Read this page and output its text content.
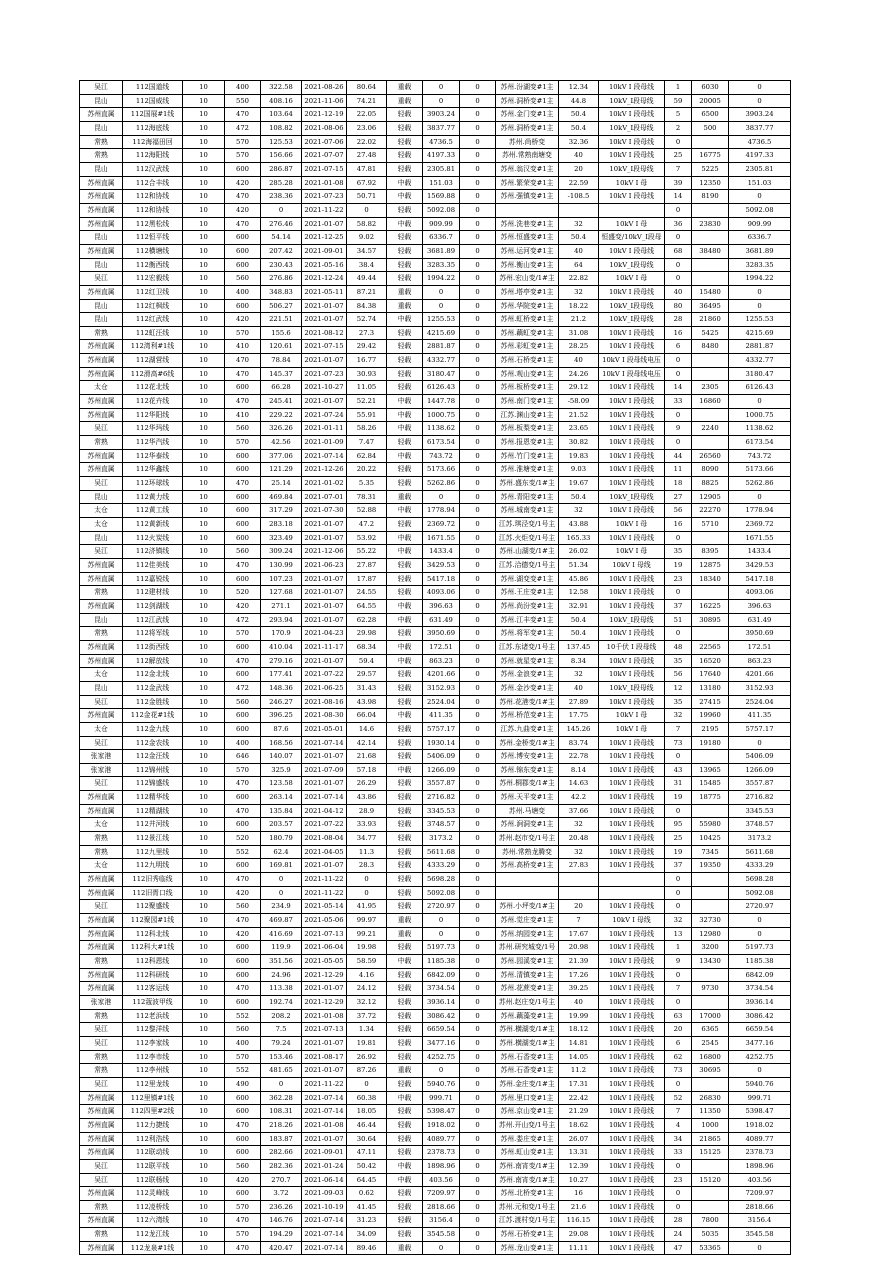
吴江	112国道线	10	400	322.58	2021-08-26	80.64	重载	0	0	苏州.汾湖变#1主	12.34	10kV I 段母线	1	6030	0
昆山	112国威线	10	550	408.16	2021-11-06	74.21	重载	0	0	苏州.洞桥变#1主	44.8	10kV_I段母线	59	20005	0
苏州直属	112国展#1线	10	470	103.64	2021-12-19	22.05	轻载	3903.24	0	苏州.金门变#1主	50.4	10kV I 段母线	5	6500	3903.24
昆山	112海底线	10	472	108.82	2021-08-06	23.06	轻载	3837.77	0	苏州.洞桥变#1主	50.4	10kV_I段母线	2	500	3837.77
常熟	112海福田回	10	570	125.53	2021-07-06	22.02	轻载	4736.5	0	苏州.尚桥变	32.36	10kV I 段母线	0		4736.5
常熟	112海阳线	10	570	156.66	2021-07-07	27.48	轻载	4197.33	0	苏州.常熟南塘变	40	10kV I 段母线	25	16775	4197.33
昆山	112汉武线	10	600	286.87	2021-07-15	47.81	轻载	2305.81	0	苏州.翁汉变#1主	20	10kV_I段母线	7	5225	2305.81
苏州直属	112合丰线	10	420	285.28	2021-01-08	67.92	中载	151.03	0	苏州.繁荣变#1主	22.59	10kV I 母	39	12350	151.03
苏州直属	112和协线	10	470	238.36	2021-07-23	50.71	中载	1569.88	0	苏州.强镇变#1主	-108.5	10kV I 段母线	14	8190	0
苏州直属	112和协线	10	420	0	2021-11-22	0	轻载	5092.08	0				0		5092.08
苏州直属	112黑松线	10	470	276.46	2021-01-07	58.82	中载	909.99	0	苏州.洗巷变#1主	32	10kV I 母	36	23830	909.99
昆山	112恒平线	10	600	54.14	2021-12-25	9.02	轻载	6336.7	0	苏州.恒盛变#1主	50.4	恒盛变/10kV_I段母	0		6336.7
苏州直属	112横塘线	10	600	207.42	2021-09-01	34.57	轻载	3681.89	0	苏州.运河变#1主	40	10kV I 段母线	68	38480	3681.89
昆山	112衡西线	10	600	230.43	2021-05-16	38.4	轻载	3283.35	0	苏州.衡山变#1主	64	10kV_I段母线	0		3283.35
吴江	112宏毅线	10	560	276.86	2021-12-24	49.44	轻载	1994.22	0	苏州.宏山变/1#主	22.82	10kV I 母	0		1994.22
苏州直属	112红卫线	10	400	348.83	2021-05-11	87.21	重载	0	0	苏州.塔亭变#1主	32	10kV I 段母线	40	15480	0
昆山	112红枫线	10	600	506.27	2021-01-07	84.38	重载	0	0	苏州.华院变#1主	18.22	10kV_I段母线	80	36495	0
昆山	112红武线	10	420	221.51	2021-01-07	52.74	中载	1255.53	0	苏州.虹桥变#1主	21.2	10kV_I段母线	28	21860	1255.53
常熟	112虹汪线	10	570	155.6	2021-08-12	27.3	轻载	4215.69	0	苏州.藕虹变#1主	31.08	10kV I 段母线	16	5425	4215.69
苏州直属	112湾利#1线	10	410	120.61	2021-07-15	29.42	轻载	2881.87	0	苏州.彩虹变#1主	28.25	10kV I 段母线	6	8480	2881.87
苏州直属	112湖营线	10	470	78.84	2021-01-07	16.77	轻载	4332.77	0	苏州.石桥变#1主	40	10kV I 段母线电压	0		4332.77
苏州直属	112滑高#6线	10	470	145.37	2021-07-23	30.93	轻载	3180.47	0	苏州.观山变#1主	24.26	10kV I 段母线电压	0		3180.47
太仓	112花北线	10	600	66.28	2021-10-27	11.05	轻载	6126.43	0	苏州.板桥变#1主	29.12	10kV I 段母线	14	2305	6126.43
苏州直属	112花卉线	10	470	245.41	2021-01-07	52.21	中载	1447.78	0	苏州.南门变#1主	-58.09	10kV I 段母线	33	16860	0
苏州直属	112华阳线	10	410	229.22	2021-07-24	55.91	中载	1000.75	0	江苏.渊山变#1主	21.52	10kV I 段母线	0		1000.75
吴江	112华玛线	10	560	326.26	2021-01-11	58.26	中载	1138.62	0	苏州.板梨变#1主	23.65	10kV I 段母线	9	2240	1138.62
常熟	112华汽线	10	570	42.56	2021-01-09	7.47	轻载	6173.54	0	苏州.报恩变#1主	30.82	10kV I 段母线	0		6173.54
苏州直属	112华泰线	10	600	377.06	2021-07-14	62.84	中载	743.72	0	苏州.竹门变#1主	19.83	10kV I 段母线	44	26560	743.72
苏州直属	112华鑫线	10	600	121.29	2021-12-26	20.22	轻载	5173.66	0	苏州.淮塘变#1主	9.03	10kV I 段母线	11	8090	5173.66
吴江	112环球线	10	470	25.14	2021-01-02	5.35	轻载	5262.86	0	苏州.盛东变/1#主	19.67	10kV I 段母线	18	8825	5262.86
昆山	112黄力线	10	600	469.84	2021-07-01	78.31	重载	0	0	苏州.青阳变#1主	50.4	10kV_I段母线	27	12905	0
太仓	112黄工线	10	600	317.29	2021-07-30	52.88	中载	1778.94	0	苏州.城南变#1主	32	10kV I 段母线	56	22270	1778.94
太仓	112黄新线	10	600	283.18	2021-01-07	47.2	轻载	2369.72	0	江苏.琪泾变/1号主	43.88	10kV I 母	16	5710	2369.72
昆山	112火炭线	10	600	323.49	2021-01-07	53.92	中载	1671.55	0	江苏.火炬变/1号主	165.33	10kV I 段母线	0		1671.55
吴江	112济镇线	10	560	309.24	2021-12-06	55.22	中载	1433.4	0	苏州.山湖变/1#主	26.02	10kV I 母	35	8395	1433.4
苏州直属	112佳美线	10	470	130.99	2021-06-23	27.87	轻载	3429.53	0	江苏.洽德变/1号主	51.34	10kV I 母线	19	12875	3429.53
苏州直属	112嘉锐线	10	600	107.23	2021-01-07	17.87	轻载	5417.18	0	苏州.湖变变#1主	45.86	10kV I 段母线	23	18340	5417.18
常熟	112建材线	10	520	127.68	2021-01-07	24.55	轻载	4093.06	0	苏州.王庄变#1主	12.58	10kV I 段母线	0		4093.06
苏州直属	112剑湖线	10	420	271.1	2021-01-07	64.55	中载	396.63	0	苏州.尚汾变#1主	32.91	10kV I 段母线	37	16225	396.63
昆山	112江武线	10	472	293.94	2021-01-07	62.28	中载	631.49	0	苏州.江丰变#1主	50.4	10kV_I段母线	51	30895	631.49
常熟	112将军线	10	570	170.9	2021-04-23	29.98	轻载	3950.69	0	苏州.将军变#1主	50.4	10kV I 段母线	0		3950.69
苏州直属	112街西线	10	600	410.04	2021-11-17	68.34	中载	172.51	0	江苏.东诸变/1号主	137.45	10千伏 I 段母线	48	22565	172.51
苏州直属	112解放线	10	470	279.16	2021-01-07	59.4	中载	863.23	0	苏州.就星变#1主	8.34	10kV I 段母线	35	16520	863.23
太仓	112金北线	10	600	177.41	2021-07-22	29.57	轻载	4201.66	0	苏州.金浪变#1主	32	10kV I 段母线	56	17640	4201.66
昆山	112金武线	10	472	148.36	2021-06-25	31.43	轻载	3152.93	0	苏州.金沙变#1主	40	10kV_I段母线	12	13180	3152.93
吴江	112金胜线	10	560	246.27	2021-08-16	43.98	轻载	2524.04	0	苏州.花港变/1#主	27.89	10kV I 段母线	35	27415	2524.04
苏州直属	112金花#1线	10	600	396.25	2021-08-30	66.04	中载	411.35	0	苏州.桥范变#1主	17.75	10kV I 母	32	19960	411.35
太仓	112金九线	10	600	87.6	2021-05-01	14.6	轻载	5757.17	0	江苏.九曲变#1主	145.26	10kV I 母	7	2195	5757.17
吴江	112金农线	10	400	168.56	2021-07-14	42.14	轻载	1930.14	0	苏州.金桥变/1#主	83.74	10kV I 段母线	73	19180	0
张家港	112金汪线	10	646	140.07	2021-01-07	21.68	轻载	5406.09	0	苏州.博安变#1主	22.78	10kV I 段母线	0		5406.09
张家港	112锦州线	10	570	325.9	2021-07-09	57.18	中载	1266.09	0	苏州.锦东变#1主	8.14	10kV I 段母线	43	13965	1266.09
吴江	112锦盛线	10	470	123.58	2021-01-07	26.29	轻载	3557.87	0	苏州.桐郡变/1#主	14.63	10kV I 段母线	31	15485	3557.87
苏州直属	112精华线	10	600	263.14	2021-07-14	43.86	轻载	2716.82	0	苏州.天平变#1主	42.2	10kV I 段母线	19	18775	2716.82
苏州直属	112精湖线	10	470	135.84	2021-04-12	28.9	轻载	3345.53	0	苏州.马塘变	37.66	10kV I 段母线	0		3345.53
太仓	112井河线	10	600	203.57	2021-07-22	33.93	轻载	3748.57	0	苏州.涧洞变#1主	32	10kV I 段母线	95	55980	3748.57
常熟	112景江线	10	520	180.79	2021-08-04	34.77	轻载	3173.2	0	苏州.赵市变/1号主	20.48	10kV I 段母线	25	10425	3173.2
常熟	112九里线	10	552	62.4	2021-04-05	11.3	轻载	5611.68	0	苏州.常熟龙腾变	32	10kV I 段母线	19	7345	5611.68
太仓	112九明线	10	600	169.81	2021-01-07	28.3	轻载	4333.29	0	苏州.高桥变#1主	27.83	10kV I 段母线	37	19350	4333.29
苏州直属	112旧秀临线	10	470	0	2021-11-22	0	轻载	5698.28	0				0		5698.28
苏州直属	112旧胥口线	10	420	0	2021-11-22	0	轻载	5092.08	0				0		5092.08
吴江	112聚盛线	10	560	234.9	2021-05-14	41.95	轻载	2720.97	0	苏州.小坪变/1#主	20	10kV I 段母线	0		2720.97
苏州直属	112聚园#1线	10	470	469.87	2021-05-06	99.97	重载	0	0	苏州.觉庄变#1主	7	10kV I 母线	32	32730	0
苏州直属	112科北线	10	420	416.69	2021-07-13	99.21	重载	0	0	苏州.纳园变#1主	17.67	10kV I 段母线	13	12980	0
苏州直属	112科大#1线	10	600	119.9	2021-06-04	19.98	轻载	5197.73	0	苏州.研究城变/1号	20.98	10kV I 段母线	1	3200	5197.73
常熟	112科恩线	10	600	351.56	2021-05-05	58.59	中载	1185.38	0	苏州.园溪变#1主	21.39	10kV I 段母线	9	13430	1185.38
苏州直属	112科研线	10	600	24.96	2021-12-29	4.16	轻载	6842.09	0	苏州.清镇变#1主	17.26	10kV I 段母线	0		6842.09
苏州直属	112客运线	10	470	113.38	2021-01-07	24.12	轻载	3734.54	0	苏州.花蔗变#1主	39.25	10kV I 段母线	7	9730	3734.54
张家港	112蔻波甲线	10	600	192.74	2021-12-29	32.12	轻载	3936.14	0	苏州.赵庄变/1号主	40	10kV I 段母线	0		3936.14
常熟	112老浜线	10	552	208.2	2021-01-08	37.72	轻载	3086.42	0	苏州.藕藻变#1主	19.99	10kV I 段母线	63	17000	3086.42
吴江	112黎洋线	10	560	7.5	2021-07-13	1.34	轻载	6659.54	0	苏州.横湖变/1#主	18.12	10kV I 段母线	20	6365	6659.54
吴江	112李家线	10	400	79.24	2021-01-07	19.81	轻载	3477.16	0	苏州.横湖变/1#主	14.81	10kV I 段母线	6	2545	3477.16
常熟	112李市线	10	570	153.46	2021-08-17	26.92	轻载	4252.75	0	苏州.石香变#1主	14.05	10kV I 段母线	62	16800	4252.75
常熟	112李州线	10	552	481.65	2021-01-07	87.26	重载	0	0	苏州.石香变#1主	11.2	10kV I 段母线	73	30695	0
吴江	112里龙线	10	490	0	2021-11-22	0	轻载	5940.76	0	苏州.金庄变/1#主	17.31	10kV I 段母线	0		5940.76
苏州直属	112里镇#1线	10	600	362.28	2021-07-14	60.38	中载	999.71	0	苏州.里口变#1主	22.42	10kV I 段母线	52	26830	999.71
苏州直属	112四里#2线	10	600	108.31	2021-07-14	18.05	轻载	5398.47	0	苏州.京山变#1主	21.29	10kV I 段母线	7	11350	5398.47
苏州直属	112力捷线	10	470	218.26	2021-01-08	46.44	轻载	1918.02	0	苏州.开山变/1号主	18.62	10kV I 段母线	4	1000	1918.02
苏州直属	112利浩线	10	600	183.87	2021-01-07	30.64	轻载	4089.77	0	苏州.娄庄变#1主	26.07	10kV I 段母线	34	21865	4089.77
苏州直属	112联动线	10	600	282.66	2021-09-01	47.11	轻载	2378.73	0	苏州.虹山变#1主	13.31	10kV I 段母线	33	15125	2378.73
吴江	112联平线	10	560	282.36	2021-01-24	50.42	中载	1898.96	0	苏州.南宵变/1#主	12.39	10kV I 段母线	0		1898.96
吴江	112联杨线	10	420	270.7	2021-06-14	64.45	中载	403.56	0	苏州.南宵变/1#主	10.27	10kV I 段母线	23	15120	403.56
苏州直属	112灵峰线	10	600	3.72	2021-09-03	0.62	轻载	7209.97	0	苏州.北桥变#1主	16	10kV I 段母线	0		7209.97
常熟	112凌桥线	10	570	236.26	2021-10-19	41.45	轻载	2818.66	0	苏州.元和变/1号主	21.6	10kV I 段母线	0		2818.66
苏州直属	112六湾线	10	470	146.76	2021-07-14	31.23	轻载	3156.4	0	江苏.渡村变/1号主	116.15	10kV I 段母线	28	7800	3156.4
常熟	112龙江线	10	570	194.29	2021-07-14	34.09	轻载	3545.58	0	苏州.石桥变#1主	29.08	10kV I 段母线	24	5035	3545.58
苏州直属	112龙泉#1线	10	470	420.47	2021-07-14	89.46	重载	0	0	苏州.龙山变#1主	11.11	10kV I 段母线	47	53365	0
